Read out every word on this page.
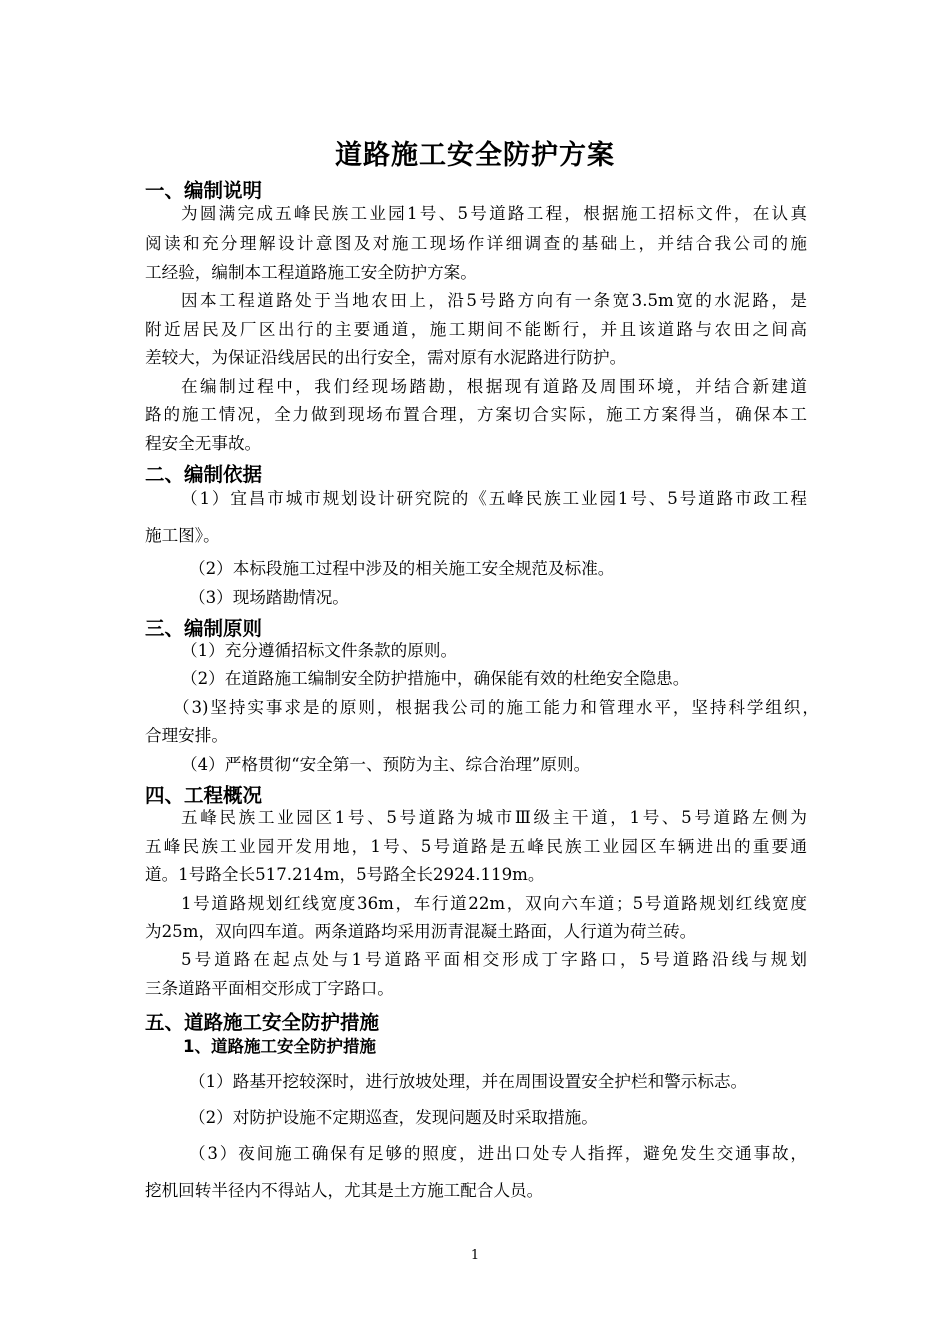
道路施工安全防护方案
一、编制说明
为圆满完成五峰民族工业园1号、5号道路工程，根据施工招标文件，在认真
阅读和充分理解设计意图及对施工现场作详细调查的基础上，并结合我公司的施
工经验，编制本工程道路施工安全防护方案。
因本工程道路处于当地农田上，沿5号路方向有一条宽3.5m宽的水泥路，是
附近居民及厂区出行的主要通道，施工期间不能断行，并且该道路与农田之间高
差较大，为保证沿线居民的出行安全，需对原有水泥路进行防护。
在编制过程中，我们经现场踏勘，根据现有道路及周围环境，并结合新建道
路的施工情况，全力做到现场布置合理，方案切合实际，施工方案得当，确保本工
程安全无事故。
二、编制依据
（1）宜昌市城市规划设计研究院的《五峰民族工业园1号、5号道路市政工程
施工图》。
（2）本标段施工过程中涉及的相关施工安全规范及标准。
（3）现场踏勘情况。
三、编制原则
（1）充分遵循招标文件条款的原则。
（2）在道路施工编制安全防护措施中，确保能有效的杜绝安全隐患。
（3)坚持实事求是的原则，根据我公司的施工能力和管理水平，坚持科学组织，
合理安排。
（4）严格贯彻“安全第一、预防为主、综合治理”原则。
四、工程概况
五峰民族工业园区1号、5号道路为城市Ⅲ级主干道，1号、5号道路左侧为
五峰民族工业园开发用地，1号、5号道路是五峰民族工业园区车辆进出的重要通
道。1号路全长517.214m，5号路全长2924.119m。
1号道路规划红线宽度36m，车行道22m，双向六车道；5号道路规划红线宽度
为25m，双向四车道。两条道路均采用沥青混凝土路面，人行道为荷兰砖。
5号道路在起点处与1号道路平面相交形成丁字路口，5号道路沿线与规划
三条道路平面相交形成丁字路口。
五、道路施工安全防护措施
1、道路施工安全防护措施
（1）路基开挖较深时，进行放坡处理，并在周围设置安全护栏和警示标志。
（2）对防护设施不定期巡查，发现问题及时采取措施。
（3）夜间施工确保有足够的照度，进出口处专人指挥，避免发生交通事故，
挖机回转半径内不得站人，尤其是土方施工配合人员。
1
